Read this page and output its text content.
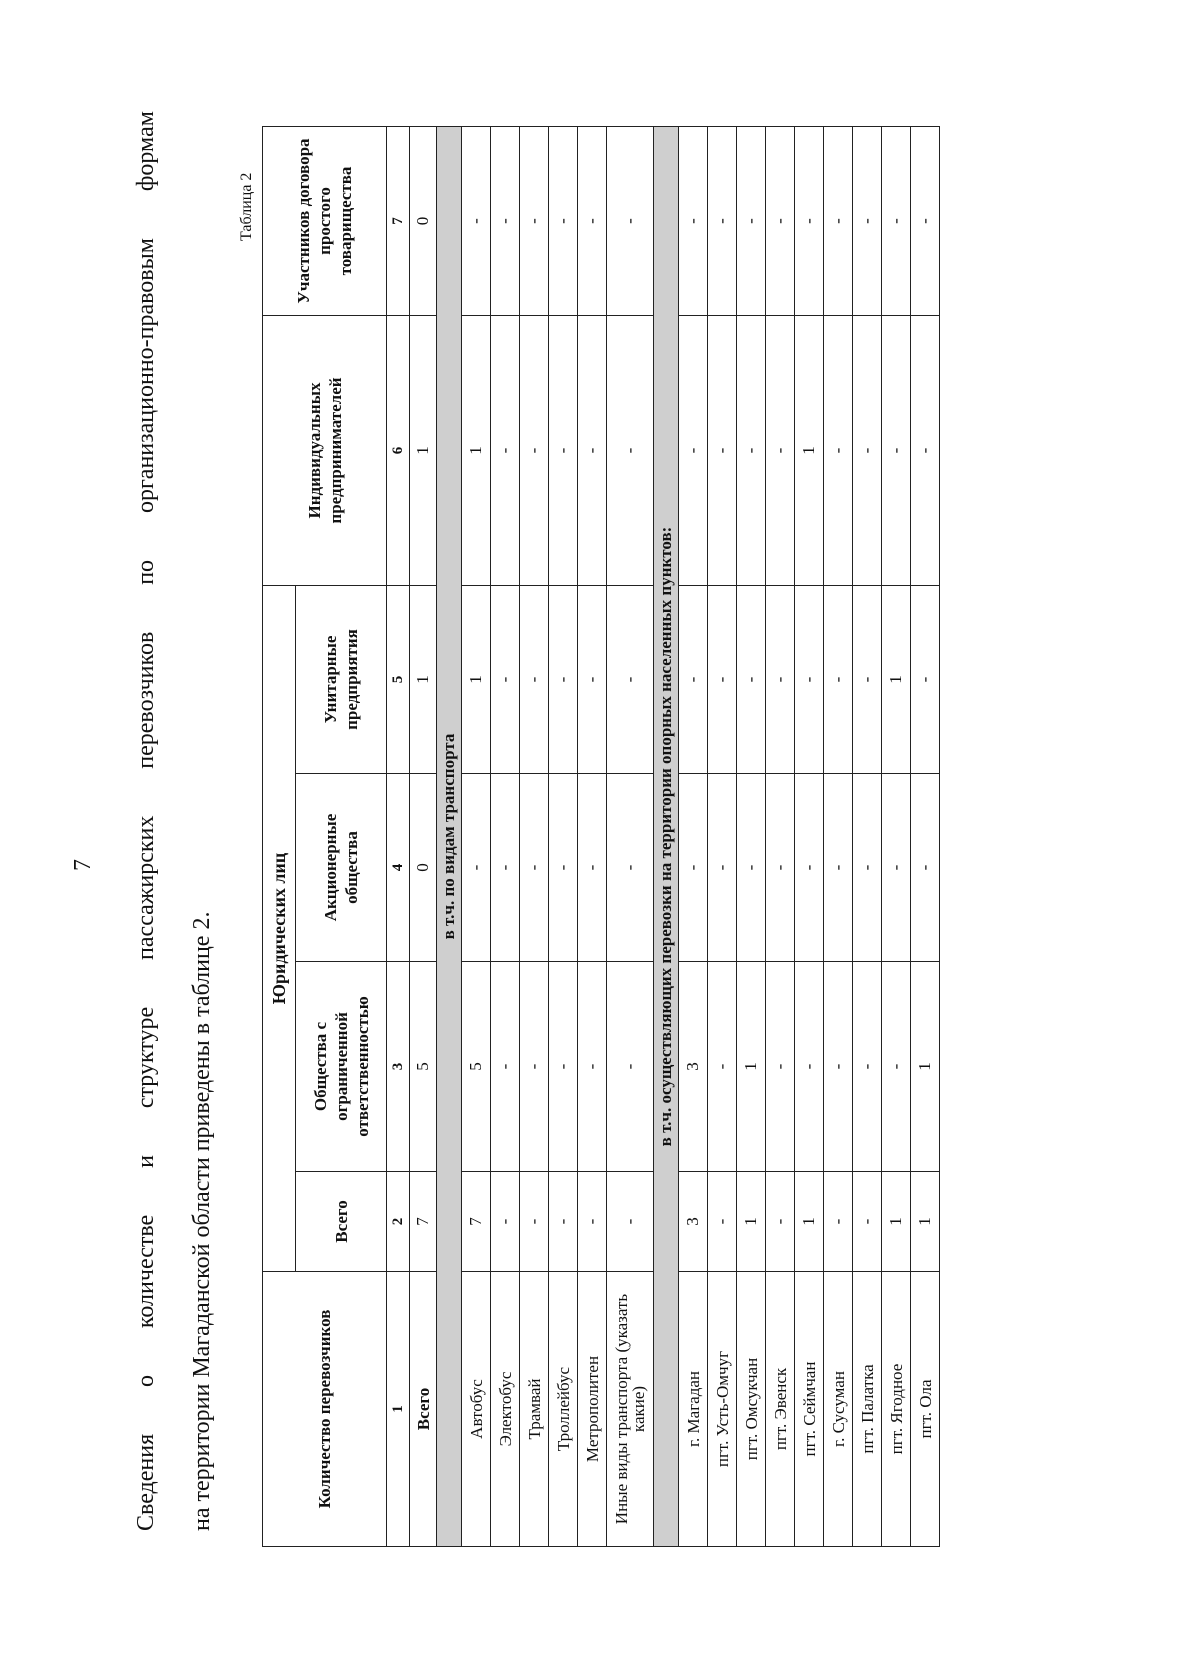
7
Сведения
о
количестве
и
структуре
пассажирских
перевозчиков
по
организационно-правовым
формам
на территории Магаданской области приведены в таблице 2.
Таблица 2
Количество перевозчиков	Юридических лиц				Индивидуальных предпринимателей	Участников договора простого товарищества
	Всего	Общества с ограниченной ответственностью	Акционерные общества	Унитарные предприятия		
1	2	3	4	5	6	7
Всего	7	5	0	1	1	0
в т.ч. по видам транспорта						
Автобус	7	5	-	1	1	-
Электобус	-	-	-	-	-	-
Трамвай	-	-	-	-	-	-
Троллейбус	-	-	-	-	-	-
Метрополитен	-	-	-	-	-	-
Иные виды транспорта (указать какие)	-	-	-	-	-	-
в т.ч. осуществляющих перевозки на территории опорных населенных пунктов:						
г. Магадан	3	3	-	-	-	-
пгт. Усть-Омчуг	-	-	-	-	-	-
пгт. Омсукчан	1	1	-	-	-	-
пгт. Эвенск	-	-	-	-	-	-
пгт. Сеймчан	1	-	-	-	1	-
г. Сусуман	-	-	-	-	-	-
пгт. Палатка	-	-	-	-	-	-
пгт. Ягодное	1	-	-	1	-	-
пгт. Ола	1	1	-	-	-	-
